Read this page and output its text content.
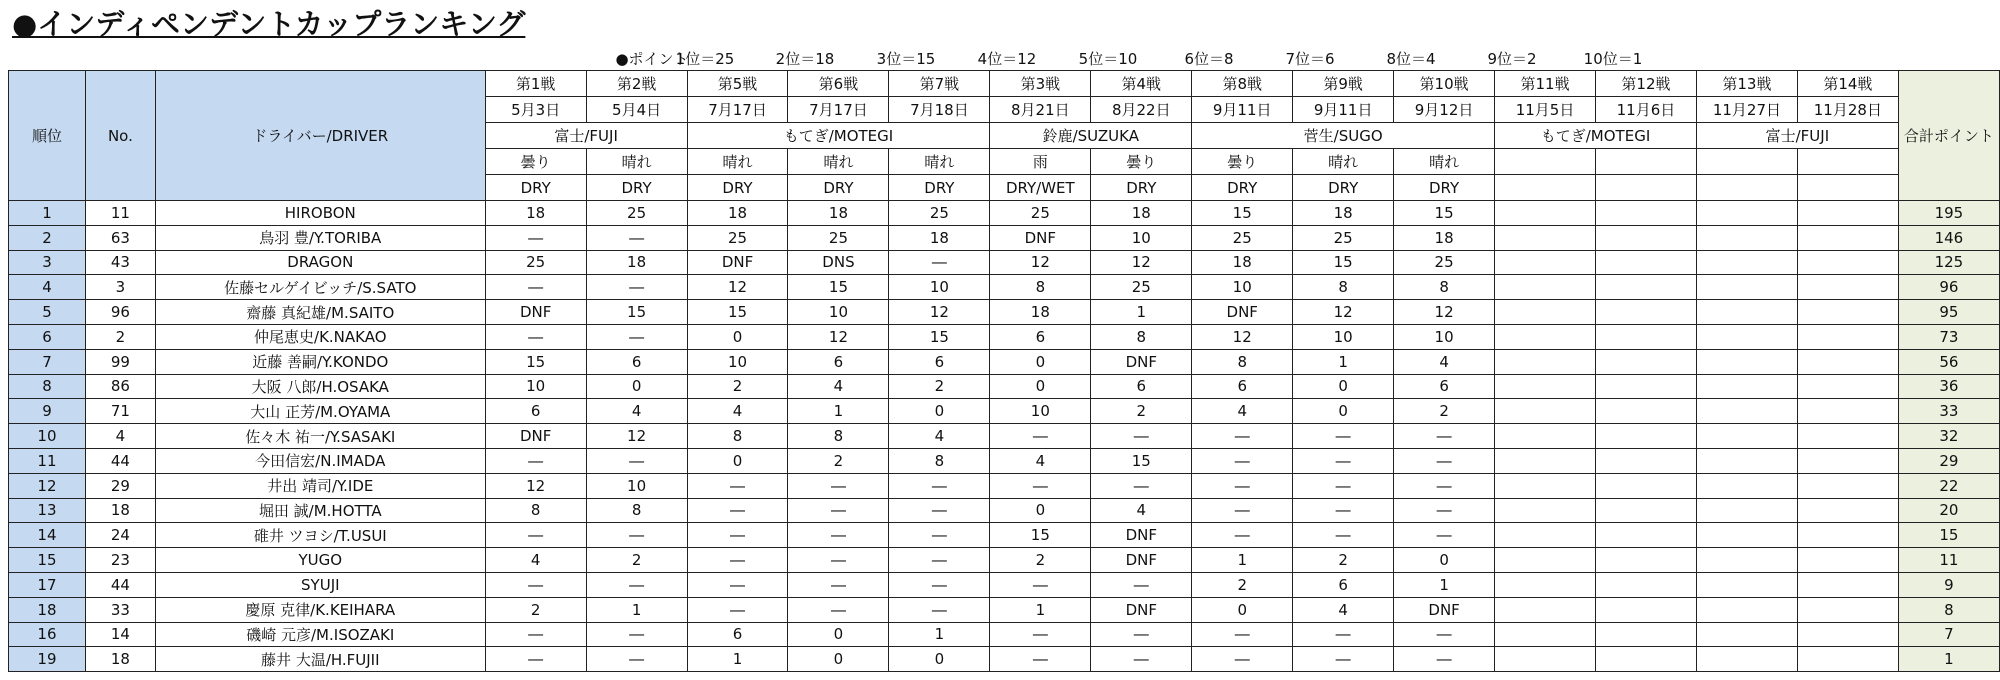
●インディペンデントカップランキング
●ポイント
1位＝25	2位＝18	3位＝15	4位＝12	5位＝10	6位＝8	7位＝6	8位＝4	9位＝2	10位＝1
順位	No.	ドライバー/DRIVER	第1戦	第2戦	第5戦	第6戦	第7戦	第3戦	第4戦	第8戦	第9戦	第10戦	第11戦	第12戦	第13戦	第14戦	合計ポイント
			5月3日	5月4日	7月17日	7月17日	7月18日	8月21日	8月22日	9月11日	9月11日	9月12日	11月5日	11月6日	11月27日	11月28日	
			富士/FUJI		もてぎ/MOTEGI			鈴鹿/SUZUKA		菅生/SUGO			もてぎ/MOTEGI		富士/FUJI		
			曇り	晴れ	晴れ	晴れ	晴れ	雨	曇り	曇り	晴れ	晴れ					
			DRY	DRY	DRY	DRY	DRY	DRY/WET	DRY	DRY	DRY	DRY					
1	11	HIROBON	18	25	18	18	25	25	18	15	18	15					195
2	63	鳥羽 豊/Y.TORIBA	―	―	25	25	18	DNF	10	25	25	18					146
3	43	DRAGON	25	18	DNF	DNS	―	12	12	18	15	25					125
4	3	佐藤セルゲイビッチ/S.SATO	―	―	12	15	10	8	25	10	8	8					96
5	96	齋藤 真紀雄/M.SAITO	DNF	15	15	10	12	18	1	DNF	12	12					95
6	2	仲尾恵史/K.NAKAO	―	―	0	12	15	6	8	12	10	10					73
7	99	近藤 善嗣/Y.KONDO	15	6	10	6	6	0	DNF	8	1	4					56
8	86	大阪 八郎/H.OSAKA	10	0	2	4	2	0	6	6	0	6					36
9	71	大山 正芳/M.OYAMA	6	4	4	1	0	10	2	4	0	2					33
10	4	佐々木 祐一/Y.SASAKI	DNF	12	8	8	4	―	―	―	―	―					32
11	44	今田信宏/N.IMADA	―	―	0	2	8	4	15	―	―	―					29
12	29	井出 靖司/Y.IDE	12	10	―	―	―	―	―	―	―	―					22
13	18	堀田 誠/M.HOTTA	8	8	―	―	―	0	4	―	―	―					20
14	24	碓井 ツヨシ/T.USUI	―	―	―	―	―	15	DNF	―	―	―					15
15	23	YUGO	4	2	―	―	―	2	DNF	1	2	0					11
17	44	SYUJI	―	―	―	―	―	―	―	2	6	1					9
18	33	慶原 克律/K.KEIHARA	2	1	―	―	―	1	DNF	0	4	DNF					8
16	14	磯崎 元彦/M.ISOZAKI	―	―	6	0	1	―	―	―	―	―					7
19	18	藤井 大温/H.FUJII	―	―	1	0	0	―	―	―	―	―					1
